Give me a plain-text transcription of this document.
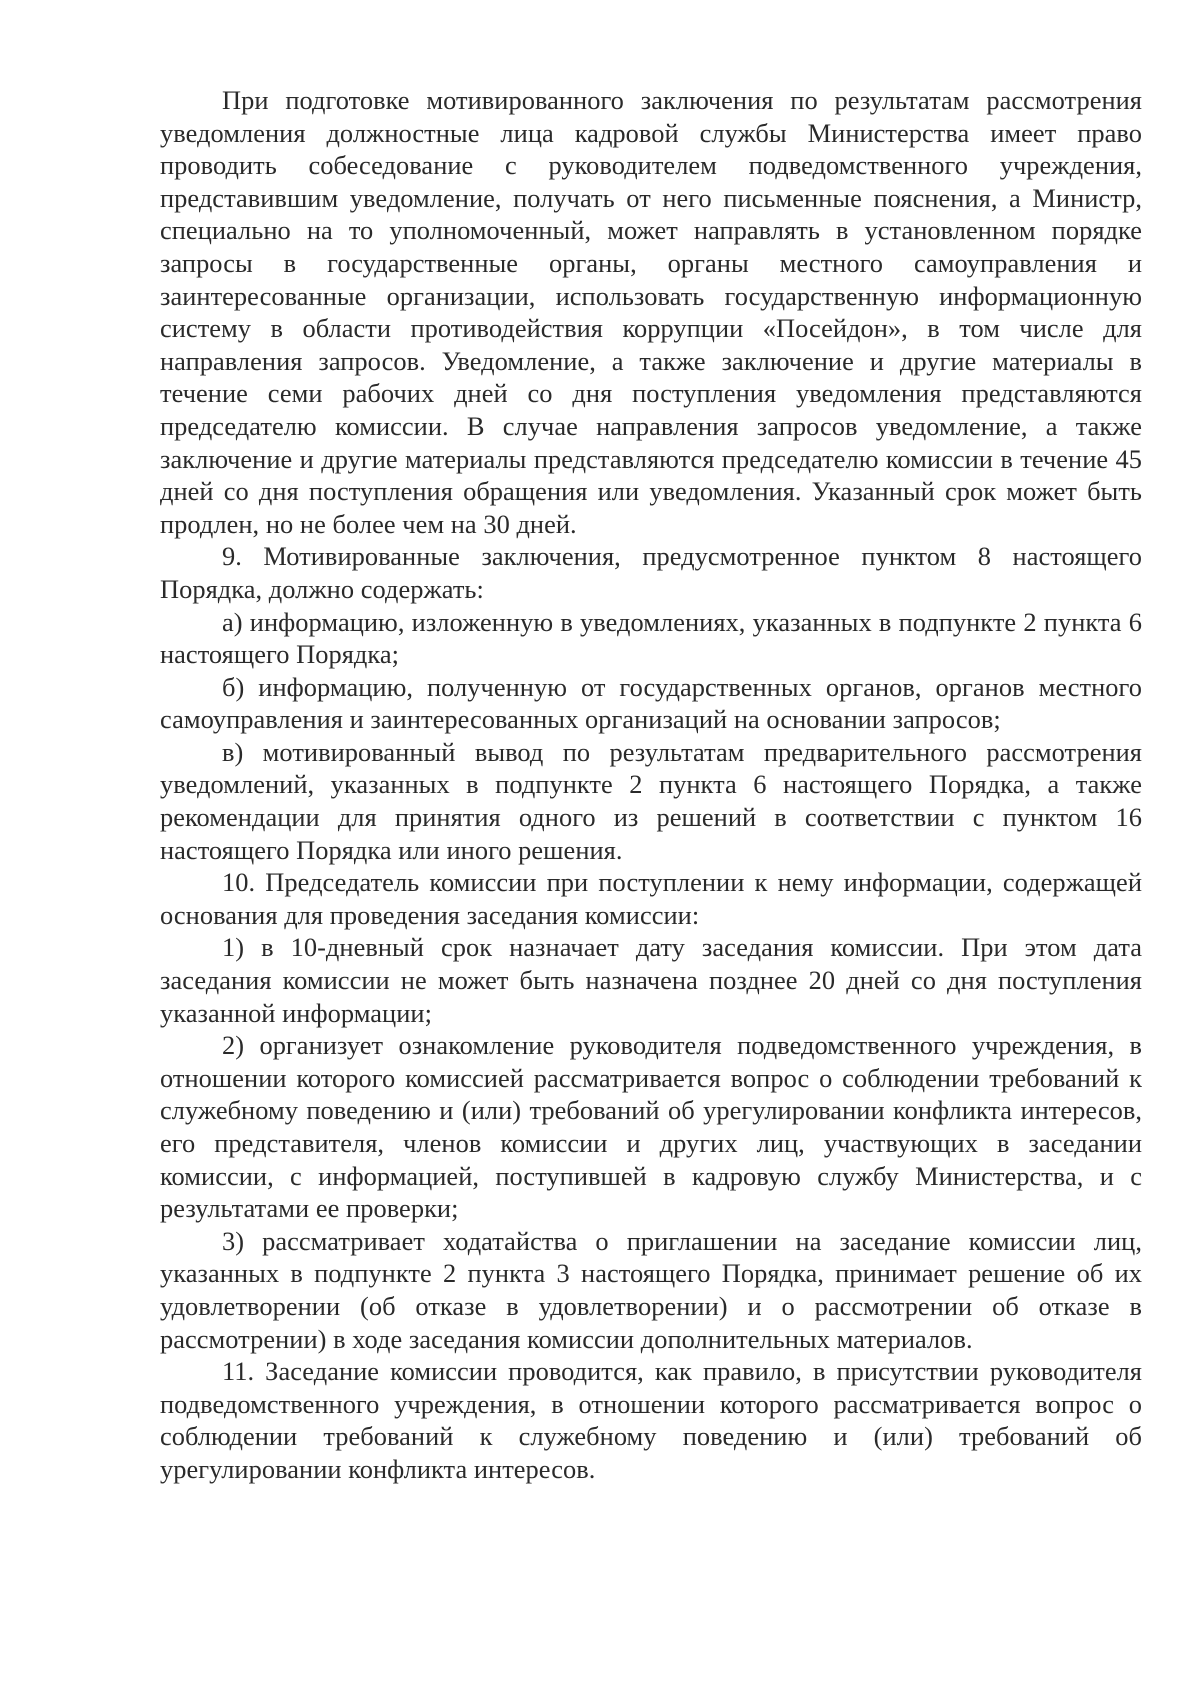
При подготовке мотивированного заключения по результатам рассмотрения уведомления должностные лица кадровой службы Министерства имеет право проводить собеседование с руководителем подведомственного учреждения, представившим уведомление, получать от него письменные пояснения, а Министр, специально на то уполномоченный, может направлять в установленном порядке запросы в государственные органы, органы местного самоуправления и заинтересованные организации, использовать государственную информационную систему в области противодействия коррупции «Посейдон», в том числе для направления запросов. Уведомление, а также заключение и другие материалы в течение семи рабочих дней со дня поступления уведомления представляются председателю комиссии. В случае направления запросов уведомление, а также заключение и другие материалы представляются председателю комиссии в течение 45 дней со дня поступления обращения или уведомления. Указанный срок может быть продлен, но не более чем на 30 дней.

9. Мотивированные заключения, предусмотренное пунктом 8 настоящего Порядка, должно содержать:

а) информацию, изложенную в уведомлениях, указанных в подпункте 2 пункта 6 настоящего Порядка;

б) информацию, полученную от государственных органов, органов местного самоуправления и заинтересованных организаций на основании запросов;

в) мотивированный вывод по результатам предварительного рассмотрения уведомлений, указанных в подпункте 2 пункта 6 настоящего Порядка, а также рекомендации для принятия одного из решений в соответствии с пунктом 16 настоящего Порядка или иного решения.

10. Председатель комиссии при поступлении к нему информации, содержащей основания для проведения заседания комиссии:

1) в 10-дневный срок назначает дату заседания комиссии. При этом дата заседания комиссии не может быть назначена позднее 20 дней со дня поступления указанной информации;

2) организует ознакомление руководителя подведомственного учреждения, в отношении которого комиссией рассматривается вопрос о соблюдении требований к служебному поведению и (или) требований об урегулировании конфликта интересов, его представителя, членов комиссии и других лиц, участвующих в заседании комиссии, с информацией, поступившей в кадровую службу Министерства, и с результатами ее проверки;

3) рассматривает ходатайства о приглашении на заседание комиссии лиц, указанных в подпункте 2 пункта 3 настоящего Порядка, принимает решение об их удовлетворении (об отказе в удовлетворении) и о рассмотрении об отказе в рассмотрении) в ходе заседания комиссии дополнительных материалов.

11. Заседание комиссии проводится, как правило, в присутствии руководителя подведомственного учреждения, в отношении которого рассматривается вопрос о соблюдении требований к служебному поведению и (или) требований об урегулировании конфликта интересов.
